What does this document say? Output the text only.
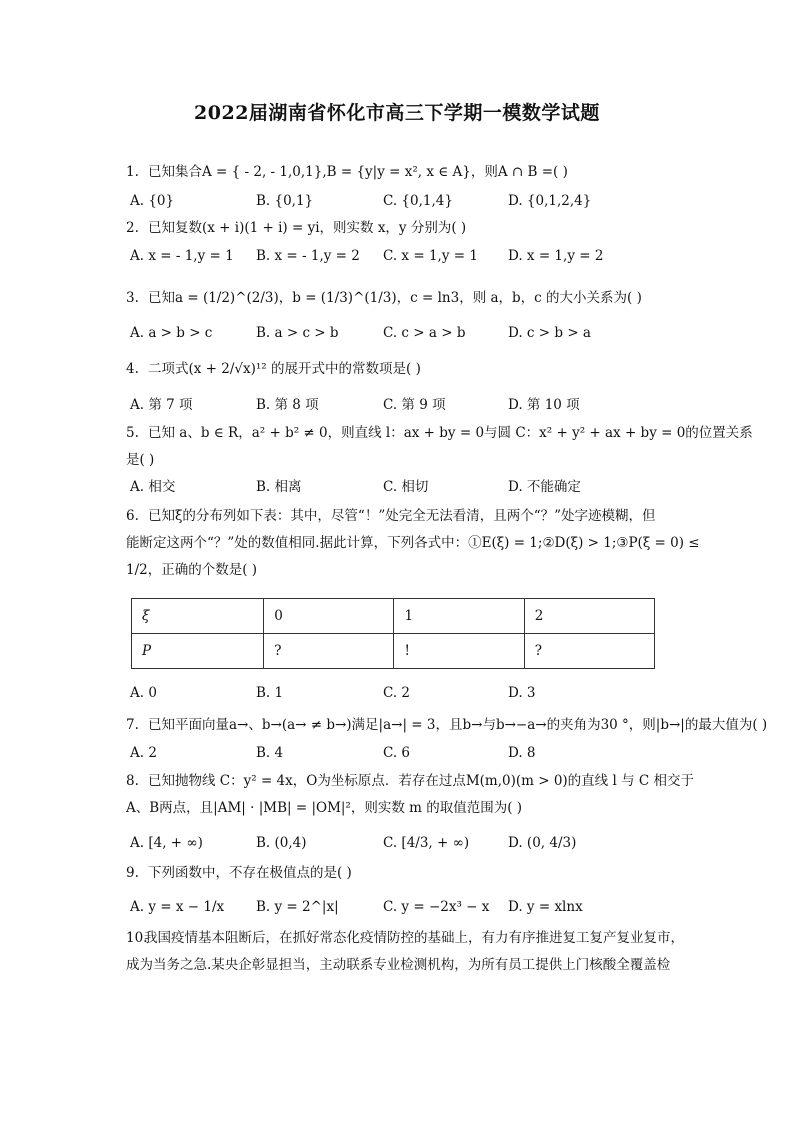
2022届湖南省怀化市高三下学期一模数学试题
1. 已知集合A = { - 2, - 1,0,1},B = {y|y = x², x ∈ A}，则A ∩ B =( )
A. {0}	B. {0,1}	C. {0,1,4}	D. {0,1,2,4}
2. 已知复数(x + i)(1 + i) = yi，则实数 x，y 分别为( )
A. x = - 1,y = 1 B. x = - 1,y = 2 C. x = 1,y = 1 D. x = 1,y = 2
3. 已知a = (1/2)^(2/3)，b = (1/3)^(1/3)，c = ln3，则 a，b，c 的大小关系为( )
A. a > b > c	B. a > c > b	C. c > a > b	D. c > b > a
4. 二项式(x + 2/√x)¹² 的展开式中的常数项是( )
A. 第 7 项	B. 第 8 项	C. 第 9 项	D. 第 10 项
5. 已知 a、b ∈ R，a² + b² ≠ 0，则直线 l：ax + by = 0与圆 C：x² + y² + ax + by = 0的位置关系
是( )
A. 相交	B. 相离	C. 相切	D. 不能确定
6. 已知ξ的分布列如下表：其中，尽管“！”处完全无法看清，且两个“？”处字迹模糊，但
能断定这两个“？”处的数值相同.据此计算，下列各式中：①E(ξ) = 1;②D(ξ) > 1;③P(ξ = 0) ≤
1/2，正确的个数是( )
ξ	0	1	2
P	?	!	?
A. 0	B. 1	C. 2	D. 3
7. 已知平面向量a→、b→(a→ ≠ b→)满足|a→| = 3，且b→与b→−a→的夹角为30 °，则|b→|的最大值为( )
A. 2	B. 4	C. 6	D. 8
8. 已知抛物线 C：y² = 4x，O为坐标原点．若存在过点M(m,0)(m > 0)的直线 l 与 C 相交于
A、B两点，且|AM| · |MB| = |OM|²，则实数 m 的取值范围为( )
A. [4, + ∞)	B. (0,4)	C. [4/3, + ∞)	D. (0, 4/3)
9. 下列函数中，不存在极值点的是( )
A. y = x − 1/x B. y = 2^|x|	C. y = −2x³ − x D. y = xlnx
10.我国疫情基本阻断后，在抓好常态化疫情防控的基础上，有力有序推进复工复产复业复市，
成为当务之急.某央企彰显担当，主动联系专业检测机构，为所有员工提供上门核酸全覆盖检
